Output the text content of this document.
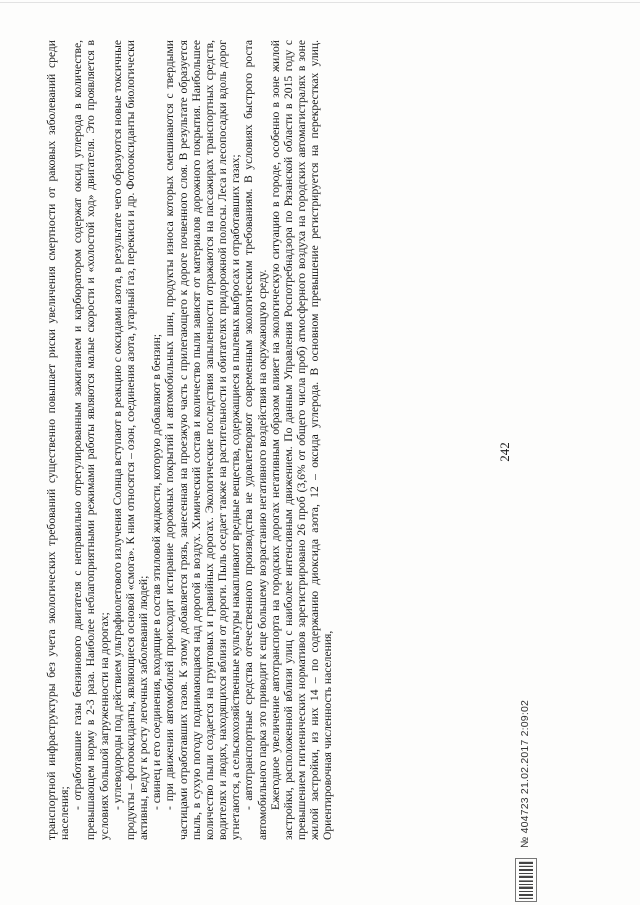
242

транспортной инфраструктуры без учета экологических требований существенно повышает риски увеличения смертности от раковых заболеваний среди населения;

- отработавшие газы бензинового двигателя с неправильно отрегулированным зажиганием и карбюратором содержат оксид углерода в количестве, превышающем норму в 2-3 раза. Наиболее неблагоприятными режимами работы являются малые скорости и «холостой ход» двигателя. Это проявляется в условиях большой загруженности на дорогах; - углеводороды под действием ультрафиолетового излучения Солнца вступают в реакцию с оксидами азота, в результате чего образуются новые токсичные продукты – фотооксиданты, являющиеся основой «смога». К ним относятся – озон, соединения азота, угарный газ, перекиси и др. Фотооксиданты биологически активны, ведут к росту легочных заболеваний людей; - свинец и его соединения, входящие в состав этиловой жидкости, которую добавляют в бензин; - при движении автомобилей происходит истирание дорожных покрытий и автомобильных шин, продукты износа которых смешиваются с твердыми частицами отработавших газов. К этому добавляется грязь, занесенная на проезжую часть с прилегающего к дороге почвенного слоя. В результате образуется пыль, в сухую погоду поднимающаяся над дорогой в воздух. Химический состав и количество пыли зависят от материалов дорожного покрытия. Наибольшее количество пыли создается на грунтовых и гравийных дорогах. Экологические последствия запыленности отражаются на пассажирах транспортных средств, водителях и людях, находящихся вблизи от дороги. Пыль оседает также на растительности и обитателях придорожной полосы. Леса и лесопосадки вдоль дорог угнетаются, а сельскохозяйственные культуры накапливают вредные вещества, содержащиеся в пылевых выбросах и отработавших газах; - автотранспортные средства отечественного производства не удовлетворяют современным экологическим требованиям. В условиях быстрого роста автомобильного парка это приводит к еще большему возрастанию негативного воздействия на окружающую среду. Ежегодное увеличение автотранспорта на городских дорогах негативным образом влияет на экологическую ситуацию в городе, особенно в зоне жилой застройки, расположенной вблизи улиц с наиболее интенсивным движением. По данным Управления Роспотребнадзора по Рязанской области в 2015 году с превышением гигиенических нормативов зарегистрировано 26 проб (3,6% от общего числа проб) атмосферного воздуха на городских автомагистралях в зоне жилой застройки, из них 14 – по содержанию диоксида азота, 12 – оксида углерода. В основном превышение регистрируется на перекрестках улиц. Ориентировочная численность населения,	№ 404723 21.02.2017 2:09:02
